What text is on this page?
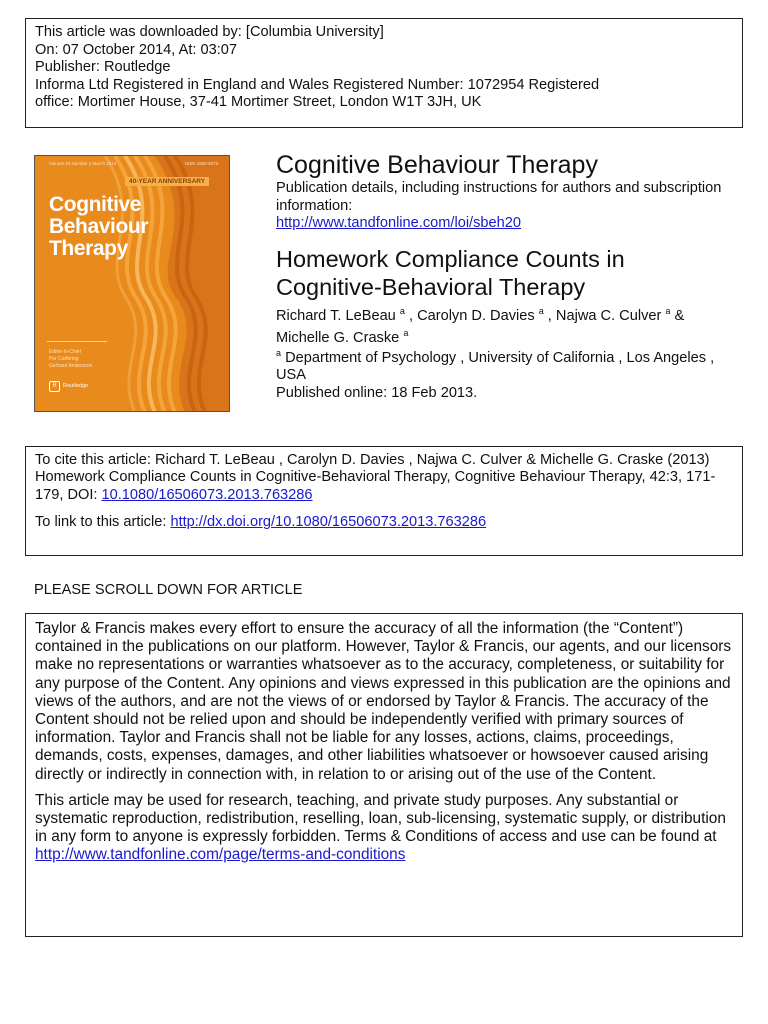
This article was downloaded by: [Columbia University]
On: 07 October 2014, At: 03:07
Publisher: Routledge
Informa Ltd Registered in England and Wales Registered Number: 1072954 Registered
office: Mortimer House, 37-41 Mortimer Street, London W1T 3JH, UK
Volume 43 Number 1 March 2014	ISSN 1650-6073
40-YEAR ANNIVERSARY
Cognitive
Behaviour
Therapy
Editor-in-Chief
Per Carlbring
Gerhard Andersson
R Routledge
Cognitive Behaviour Therapy
Publication details, including instructions for authors and subscription information:
http://www.tandfonline.com/loi/sbeh20
Homework Compliance Counts in Cognitive-Behavioral Therapy
Richard T. LeBeau $^a$ , Carolyn D. Davies $^a$ , Najwa C. Culver $^a$ & Michelle G. Craske $^a$
$^a$ Department of Psychology , University of California , Los Angeles , USA
Published online: 18 Feb 2013.
To cite this article: Richard T. LeBeau , Carolyn D. Davies , Najwa C. Culver & Michelle G. Craske (2013) Homework Compliance Counts in Cognitive-Behavioral Therapy, Cognitive Behaviour Therapy, 42:3, 171-179, DOI: 10.1080/16506073.2013.763286
To link to this article: http://dx.doi.org/10.1080/16506073.2013.763286
PLEASE SCROLL DOWN FOR ARTICLE

Taylor & Francis makes every effort to ensure the accuracy of all the information (the “Content”) contained in the publications on our platform. However, Taylor & Francis, our agents, and our licensors make no representations or warranties whatsoever as to the accuracy, completeness, or suitability for any purpose of the Content. Any opinions and views expressed in this publication are the opinions and views of the authors, and are not the views of or endorsed by Taylor & Francis. The accuracy of the Content should not be relied upon and should be independently verified with primary sources of information. Taylor and Francis shall not be liable for any losses, actions, claims, proceedings, demands, costs, expenses, damages, and other liabilities whatsoever or howsoever caused arising directly or indirectly in connection with, in relation to or arising out of the use of the Content.

This article may be used for research, teaching, and private study purposes. Any substantial or systematic reproduction, redistribution, reselling, loan, sub-licensing, systematic supply, or distribution in any form to anyone is expressly forbidden. Terms & Conditions of access and use can be found at http://www.tandfonline.com/page/terms-and-conditions
